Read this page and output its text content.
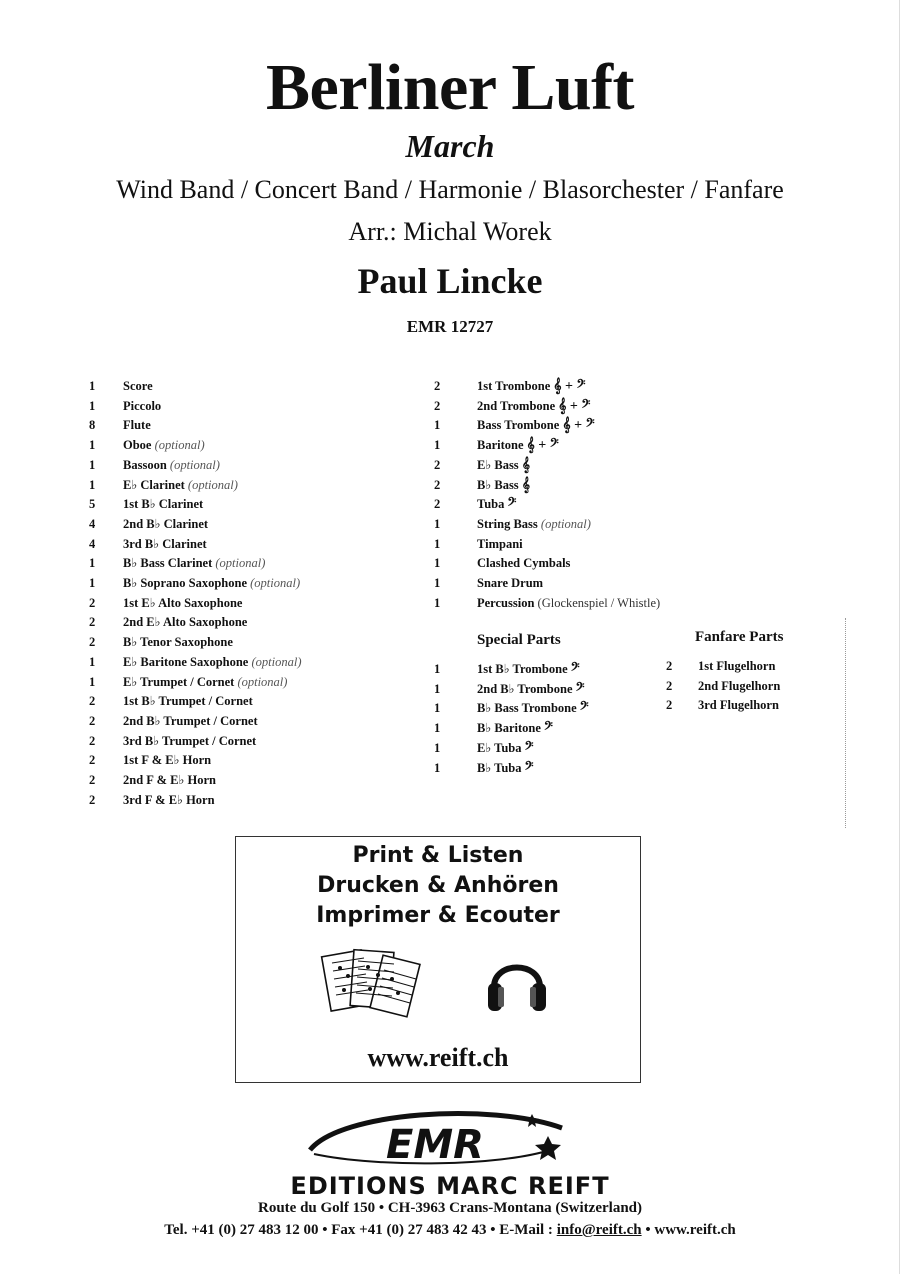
Berliner Luft
March
Wind Band / Concert Band / Harmonie / Blasorchester / Fanfare
Arr.: Michal Worek
Paul Lincke
EMR 12727
1	Score
1	Piccolo
8	Flute
1	Oboe (optional)
1	Bassoon (optional)
1	E♭ Clarinet (optional)
5	1st B♭ Clarinet
4	2nd B♭ Clarinet
4	3rd B♭ Clarinet
1	B♭ Bass Clarinet (optional)
1	B♭ Soprano Saxophone (optional)
2	1st E♭ Alto Saxophone
2	2nd E♭ Alto Saxophone
2	B♭ Tenor Saxophone
1	E♭ Baritone Saxophone (optional)
1	E♭ Trumpet / Cornet (optional)
2	1st B♭ Trumpet / Cornet
2	2nd B♭ Trumpet / Cornet
2	3rd B♭ Trumpet / Cornet
2	1st F & E♭ Horn
2	2nd F & E♭ Horn
2	3rd F & E♭ Horn
2	1st Trombone 𝄞 + 𝄢
2	2nd Trombone 𝄞 + 𝄢
1	Bass Trombone 𝄞 + 𝄢
1	Baritone 𝄞 + 𝄢
2	E♭ Bass 𝄞
2	B♭ Bass 𝄞
2	Tuba 𝄢
1	String Bass (optional)
1	Timpani
1	Clashed Cymbals
1	Snare Drum
1	Percussion (Glockenspiel / Whistle)
Special Parts
1	1st B♭ Trombone 𝄢
1	2nd B♭ Trombone 𝄢
1	B♭ Bass Trombone 𝄢
1	B♭ Baritone 𝄢
1	E♭ Tuba 𝄢
1	B♭ Tuba 𝄢
Fanfare Parts
2	1st Flugelhorn
2	2nd Flugelhorn
2	3rd Flugelhorn
Print & Listen
Drucken & Anhören
Imprimer & Ecouter
www.reift.ch
EMR
EDITIONS MARC REIFT
Route du Golf 150 • CH-3963 Crans-Montana (Switzerland)
Tel. +41 (0) 27 483 12 00 • Fax +41 (0) 27 483 42 43 • E-Mail : info@reift.ch • www.reift.ch
